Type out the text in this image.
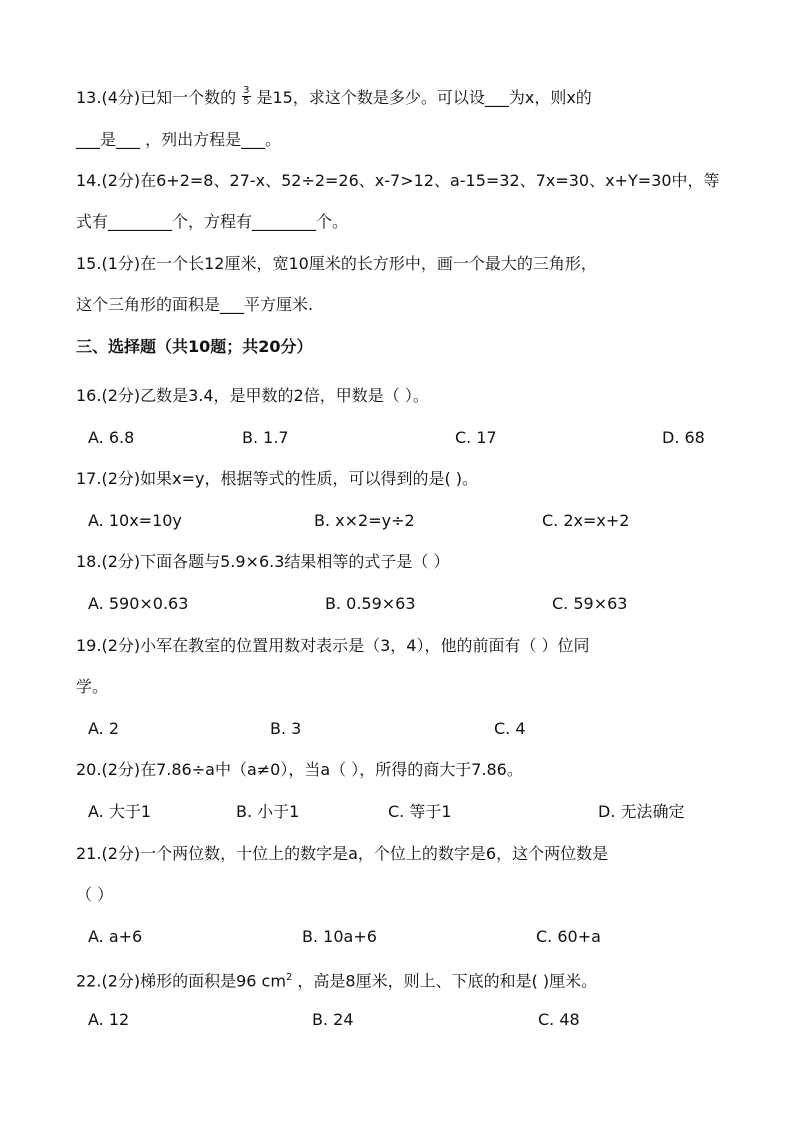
13.(4分)已知一个数的 $\frac{3}{5}$ 是15，求这个数是多少。可以设___为x，则x的
___是___ ，列出方程是___。
14.(2分)在6+2=8、27-x、52÷2=26、x-7>12、a-15=32、7x=30、x+Y=30中，等
式有________个，方程有________个。
15.(1分)在一个长12厘米，宽10厘米的长方形中，画一个最大的三角形，
这个三角形的面积是___平方厘米.
三、选择题（共10题；共20分）
16.(2分)乙数是3.4，是甲数的2倍，甲数是（ ）。
A. 6.8	B. 1.7	C. 17	D. 68
17.(2分)如果x=y，根据等式的性质，可以得到的是( )。
A. 10x=10y	B. x×2=y÷2	C. 2x=x+2
18.(2分)下面各题与5.9×6.3结果相等的式子是（ ）
A. 590×0.63	B. 0.59×63	C. 59×63
19.(2分)小军在教室的位置用数对表示是（3，4），他的前面有（ ）位同
学。
A. 2	B. 3	C. 4
20.(2分)在7.86÷a中（a≠0），当a（ ），所得的商大于7.86。
A. 大于1	B. 小于1	C. 等于1	D. 无法确定
21.(2分)一个两位数，十位上的数字是a，个位上的数字是6，这个两位数是
（ ）
A. a+6	B. 10a+6	C. 60+a
22.(2分)梯形的面积是96 $cm^2$ ，高是8厘米，则上、下底的和是( )厘米。
A. 12	B. 24	C. 48
